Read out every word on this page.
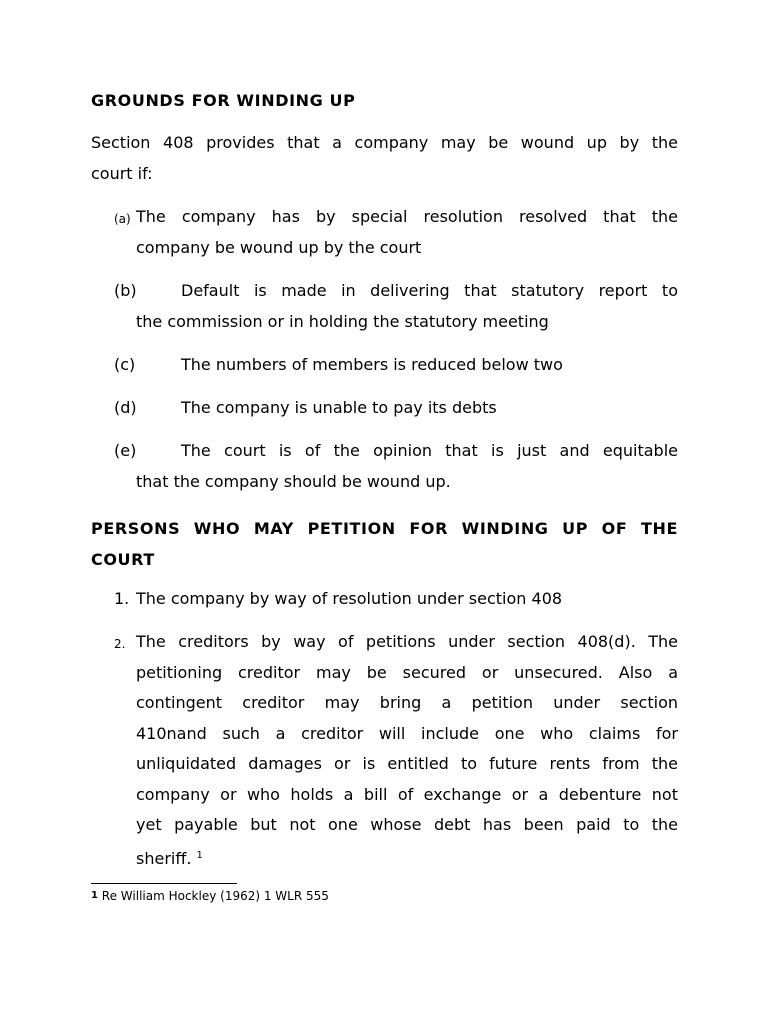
GROUNDS FOR WINDING UP

Section 408 provides that a company may be wound up by the
court if:

(a) The company has by special resolution resolved that the
company be wound up by the court
(b)	Default is made in delivering that statutory report to
the commission or in holding the statutory meeting
(c)	The numbers of members is reduced below two
(d)	The company is unable to pay its debts
(e)	The court is of the opinion that is just and equitable
that the company should be wound up.
PERSONS WHO MAY PETITION FOR WINDING UP OF THE
COURT
1. The company by way of resolution under section 408
2. The creditors by way of petitions under section 408(d). The
petitioning creditor may be secured or unsecured. Also a
contingent creditor may bring a petition under section
410nand such a creditor will include one who claims for
unliquidated damages or is entitled to future rents from the
company or who holds a bill of exchange or a debenture not
yet payable but not one whose debt has been paid to the
sheriff. $^1$
1 Re William Hockley (1962) 1 WLR 555
